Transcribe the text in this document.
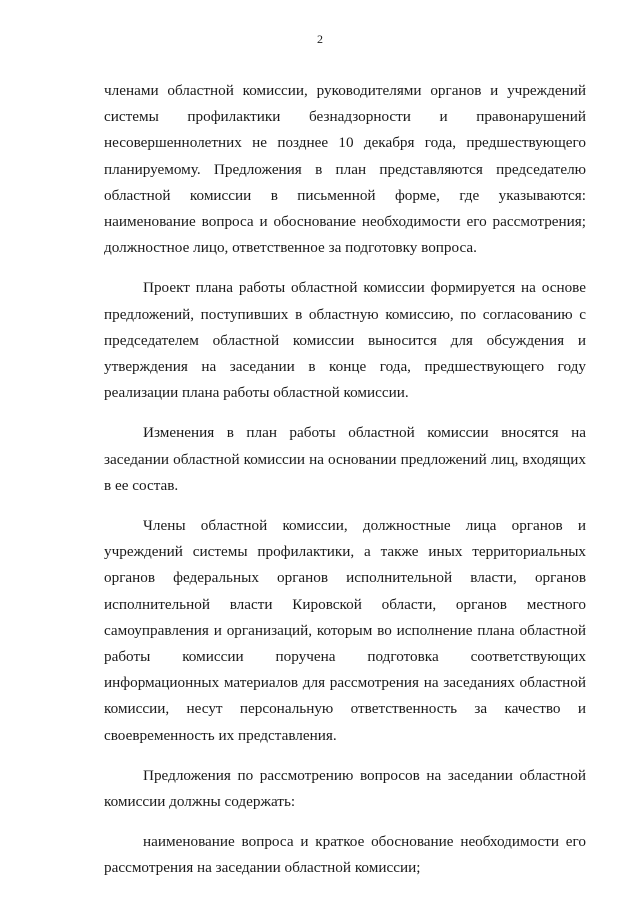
2

членами областной комиссии, руководителями органов и учреждений системы профилактики безнадзорности и правонарушений несовершеннолетних не позднее 10 декабря года, предшествующего планируемому. Предложения в план представляются председателю областной комиссии в письменной форме, где указываются: наименование вопроса и обоснование необходимости его рассмотрения; должностное лицо, ответственное за подготовку вопроса.

Проект плана работы областной комиссии формируется на основе предложений, поступивших в областную комиссию, по согласованию с председателем областной комиссии выносится для обсуждения и утверждения на заседании в конце года, предшествующего году реализации плана работы областной комиссии.

Изменения в план работы областной комиссии вносятся на заседании областной комиссии на основании предложений лиц, входящих в ее состав.

Члены областной комиссии, должностные лица органов и учреждений системы профилактики, а также иных территориальных органов федеральных органов исполнительной власти, органов исполнительной власти Кировской области, органов местного самоуправления и организаций, которым во исполнение плана областной работы комиссии поручена подготовка соответствующих информационных материалов для рассмотрения на заседаниях областной комиссии, несут персональную ответственность за качество и своевременность их представления.

Предложения по рассмотрению вопросов на заседании областной комиссии должны содержать:

наименование вопроса и краткое обоснование необходимости его рассмотрения на заседании областной комиссии;
